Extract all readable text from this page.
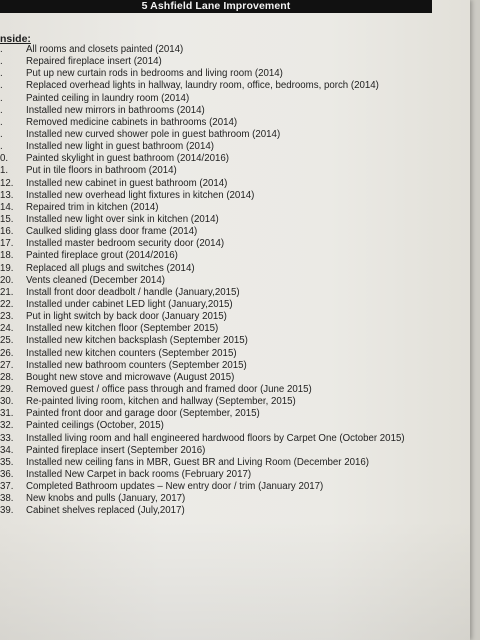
5 Ashfield Lane Improvement
nside:
.	All rooms and closets painted (2014)
.	Repaired fireplace insert (2014)
.	Put up new curtain rods in bedrooms and living room (2014)
.	Replaced overhead lights in hallway, laundry room, office, bedrooms, porch (2014)
.	Painted ceiling in laundry room (2014)
.	Installed new mirrors in bathrooms (2014)
.	Removed medicine cabinets in bathrooms (2014)
.	Installed new curved shower pole in guest bathroom (2014)
.	Installed new light in guest bathroom (2014)
0.	Painted skylight in guest bathroom (2014/2016)
1.	Put in tile floors in bathroom (2014)
12. Installed new cabinet in guest bathroom (2014)
13. Installed new overhead light fixtures in kitchen (2014)
14. Repaired trim in kitchen (2014)
15. Installed new light over sink in kitchen (2014)
16. Caulked sliding glass door frame (2014)
17. Installed master bedroom security door (2014)
18. Painted fireplace grout (2014/2016)
19. Replaced all plugs and switches (2014)
20. Vents cleaned (December 2014)
21. Install front door deadbolt / handle (January,2015)
22. Installed under cabinet LED light (January,2015)
23. Put in light switch by back door (January 2015)
24. Installed new kitchen floor (September 2015)
25. Installed new kitchen backsplash (September 2015)
26. Installed new kitchen counters (September 2015)
27. Installed new bathroom counters (September 2015)
28. Bought new stove and microwave (August 2015)
29. Removed guest / office pass through and framed door (June 2015)
30. Re-painted living room, kitchen and hallway (September, 2015)
31. Painted front door and garage door (September, 2015)
32. Painted ceilings (October, 2015)
33. Installed living room and hall engineered hardwood floors by Carpet One (October 2015)
34. Painted fireplace insert (September 2016)
35. Installed new ceiling fans in MBR, Guest BR and Living Room (December 2016)
36. Installed New Carpet in back rooms (February 2017)
37. Completed Bathroom updates – New entry door / trim (January 2017)
38. New knobs and pulls (January, 2017)
39. Cabinet shelves replaced (July,2017)
